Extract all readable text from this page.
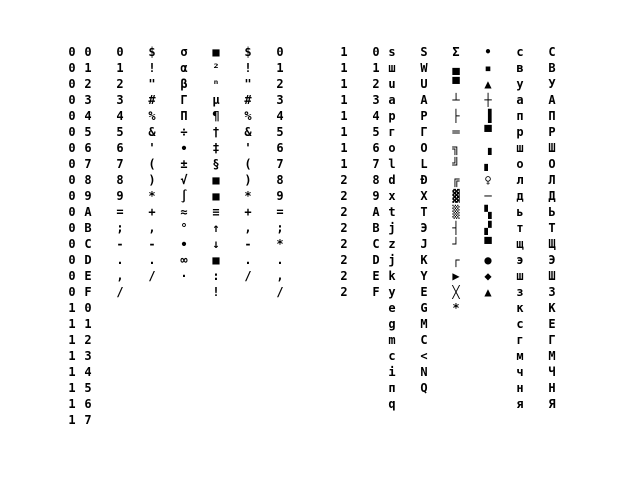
0
0
0
0
0
0
0
0
0
0
0
0
0
0
0
0
1
1
1
1
1
1
1
1
0
1
2
3
4
5
6
7
8
9
A
B
C
D
E
F
0
1
2
3
4
5
6
7
0
1
2
3
4
5
6
7
8
9
=
;
-
.
,
/
$
!
"
#
%
&
'
(
)
*
+
,
-
.
/
σ
α
β
Γ
Π
÷
∙
±
√
∫
≈
°
∙
∞
·
■
²
ⁿ
µ
¶
†
‡
§
■
■
≡
↑
↓
■
:
!
$
!
"
#
%
&
'
(
)
*
+
,
-
.
/
0
1
2
3
4
5
6
7
8
9
=
;
*
.
,
/
1
1
1
1
1
1
1
1
2
2
2
2
2
2
2
2
0
1
2
3
4
5
6
7
8
9
A
B
C
D
E
F
ѕ
ш
u
а
p
г
о
l
d
х
t
j
z
j
k
у
е
g
m
с
i
п
q
S
W
U
A
P
Г
О
L
Ð
X
T
Э
J
K
Y
E
G
M
C
<
N
Q
Σ
▄
▀
┴
├
═
╗
╝
╔
▓
▒
┤
┘
┌
▶
╳
*
•
▪
▲
┼
▐
▀
▗
▖
♀
─
▚
▞
▀
●
◆
▲
с
в
у
а
п
р
ш
о
л
д
ь
т
щ
э
ш
з
к
с
г
м
ч
н
я
С
В
У
А
П
Р
Ш
О
Л
Д
Ь
Т
Щ
Э
Ш
З
К
Е
Г
М
Ч
Н
Я
